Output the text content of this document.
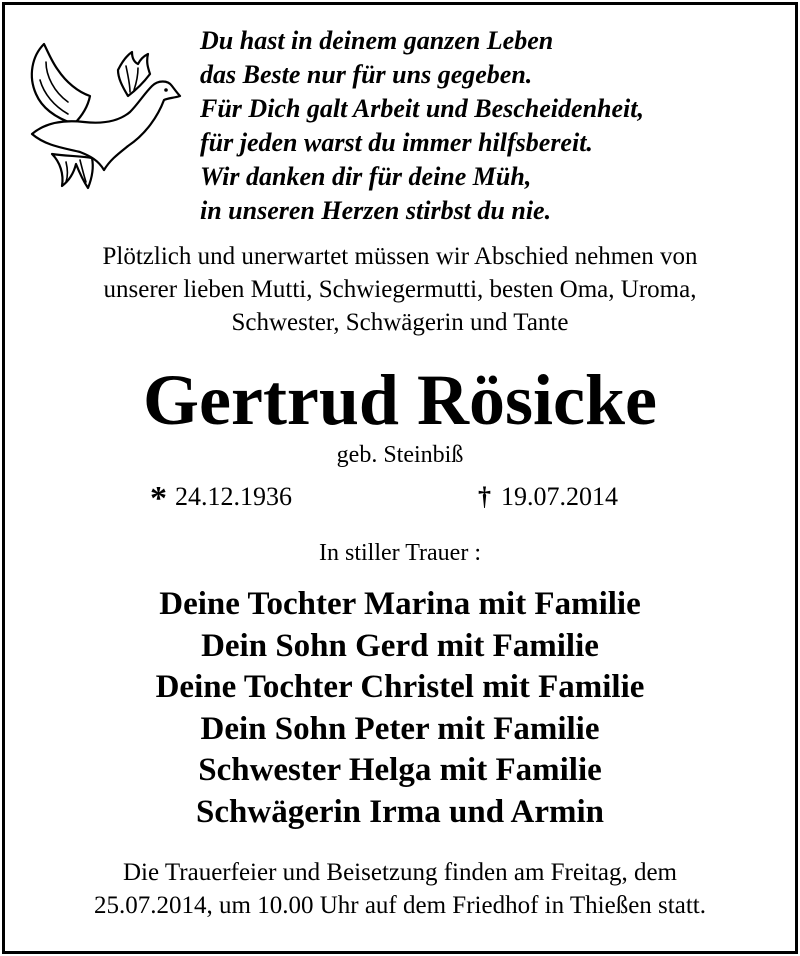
Du hast in deinem ganzen Leben
das Beste nur für uns gegeben.
Für Dich galt Arbeit und Bescheidenheit,
für jeden warst du immer hilfsbereit.
Wir danken dir für deine Müh,
in unseren Herzen stirbst du nie.
Plötzlich und unerwartet müssen wir Abschied nehmen von
unserer lieben Mutti, Schwiegermutti, besten Oma, Uroma,
Schwester, Schwägerin und Tante
Gertrud Rösicke
geb. Steinbiß
* 24.12.1936	† 19.07.2014
In stiller Trauer :
Deine Tochter Marina mit Familie
Dein Sohn Gerd mit Familie
Deine Tochter Christel mit Familie
Dein Sohn Peter mit Familie
Schwester Helga mit Familie
Schwägerin Irma und Armin
Die Trauerfeier und Beisetzung finden am Freitag, dem
25.07.2014, um 10.00 Uhr auf dem Friedhof in Thießen statt.
